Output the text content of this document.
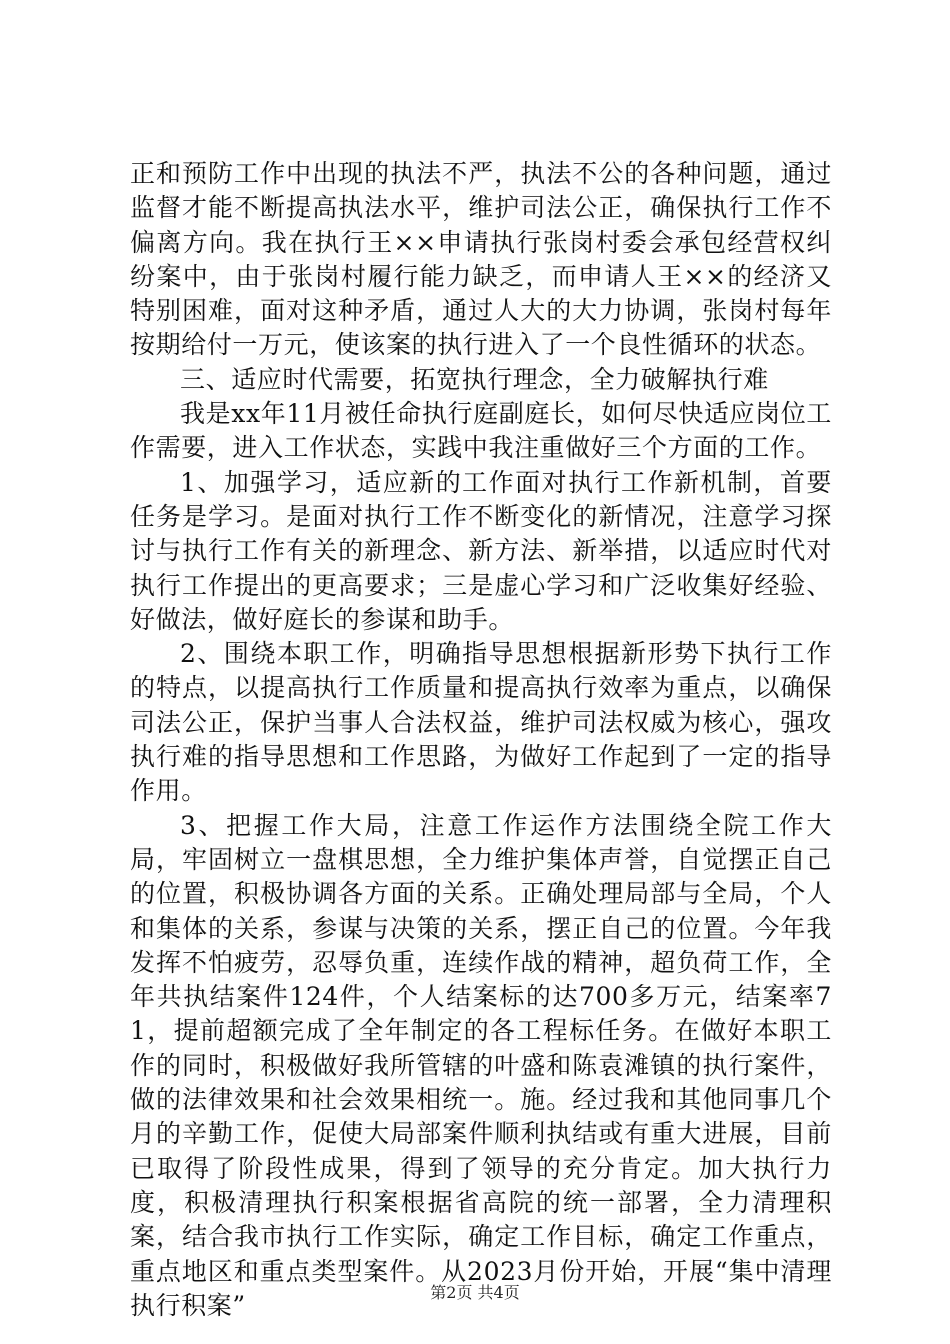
正和预防工作中出现的执法不严，执法不公的各种问题，通过监督才能不断提高执法水平，维护司法公正，确保执行工作不偏离方向。我在执行王××申请执行张岗村委会承包经营权纠纷案中，由于张岗村履行能力缺乏，而申请人王××的经济又特别困难，面对这种矛盾，通过人大的大力协调，张岗村每年按期给付一万元，使该案的执行进入了一个良性循环的状态。

三、适应时代需要，拓宽执行理念，全力破解执行难

我是xx年11月被任命执行庭副庭长，如何尽快适应岗位工作需要，进入工作状态，实践中我注重做好三个方面的工作。

1、加强学习，适应新的工作面对执行工作新机制，首要任务是学习。是面对执行工作不断变化的新情况，注意学习探讨与执行工作有关的新理念、新方法、新举措，以适应时代对执行工作提出的更高要求；三是虚心学习和广泛收集好经验、好做法，做好庭长的参谋和助手。

2、围绕本职工作，明确指导思想根据新形势下执行工作的特点，以提高执行工作质量和提高执行效率为重点，以确保司法公正，保护当事人合法权益，维护司法权威为核心，强攻执行难的指导思想和工作思路，为做好工作起到了一定的指导作用。

3、把握工作大局，注意工作运作方法围绕全院工作大局，牢固树立一盘棋思想，全力维护集体声誉，自觉摆正自己的位置，积极协调各方面的关系。正确处理局部与全局，个人和集体的关系，参谋与决策的关系，摆正自己的位置。今年我发挥不怕疲劳，忍辱负重，连续作战的精神，超负荷工作，全年共执结案件124件，个人结案标的达700多万元，结案率71，提前超额完成了全年制定的各工程标任务。在做好本职工作的同时，积极做好我所管辖的叶盛和陈袁滩镇的执行案件，做的法律效果和社会效果相统一。施。经过我和其他同事几个月的辛勤工作，促使大局部案件顺利执结或有重大进展，目前已取得了阶段性成果，得到了领导的充分肯定。加大执行力度，积极清理执行积案根据省高院的统一部署，全力清理积案，结合我市执行工作实际，确定工作目标，确定工作重点，重点地区和重点类型案件。从2023月份开始，开展“集中清理执行积案”	第2页 共4页
